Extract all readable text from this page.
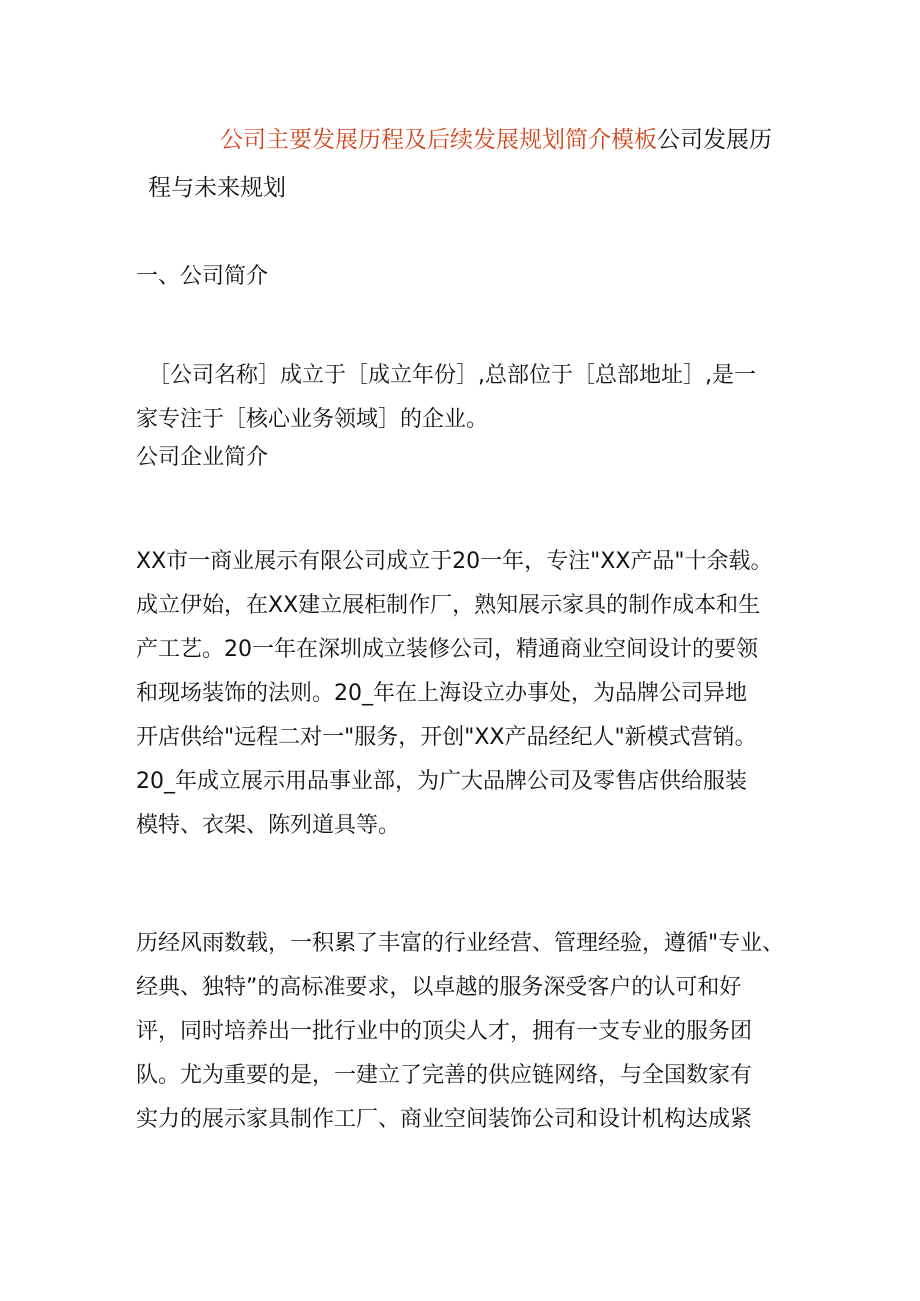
公司主要发展历程及后续发展规划简介模板公司发展历
程与未来规划
一、公司简介
［公司名称］成立于［成立年份］,总部位于［总部地址］,是一
家专注于［核心业务领域］的企业。
公司企业简介
XX市一商业展示有限公司成立于20一年，专注"XX产品"十余载。
成立伊始，在XX建立展柜制作厂，熟知展示家具的制作成本和生
产工艺。20一年在深圳成立装修公司，精通商业空间设计的要领
和现场装饰的法则。20_年在上海设立办事处，为品牌公司异地
开店供给"远程二对一"服务，开创"XX产品经纪人"新模式营销。
20_年成立展示用品事业部，为广大品牌公司及零售店供给服装
模特、衣架、陈列道具等。
历经风雨数载，一积累了丰富的行业经营、管理经验，遵循"专业、
经典、独特”的高标准要求，以卓越的服务深受客户的认可和好
评，同时培养出一批行业中的顶尖人才，拥有一支专业的服务团
队。尤为重要的是，一建立了完善的供应链网络，与全国数家有
实力的展示家具制作工厂、商业空间装饰公司和设计机构达成紧
